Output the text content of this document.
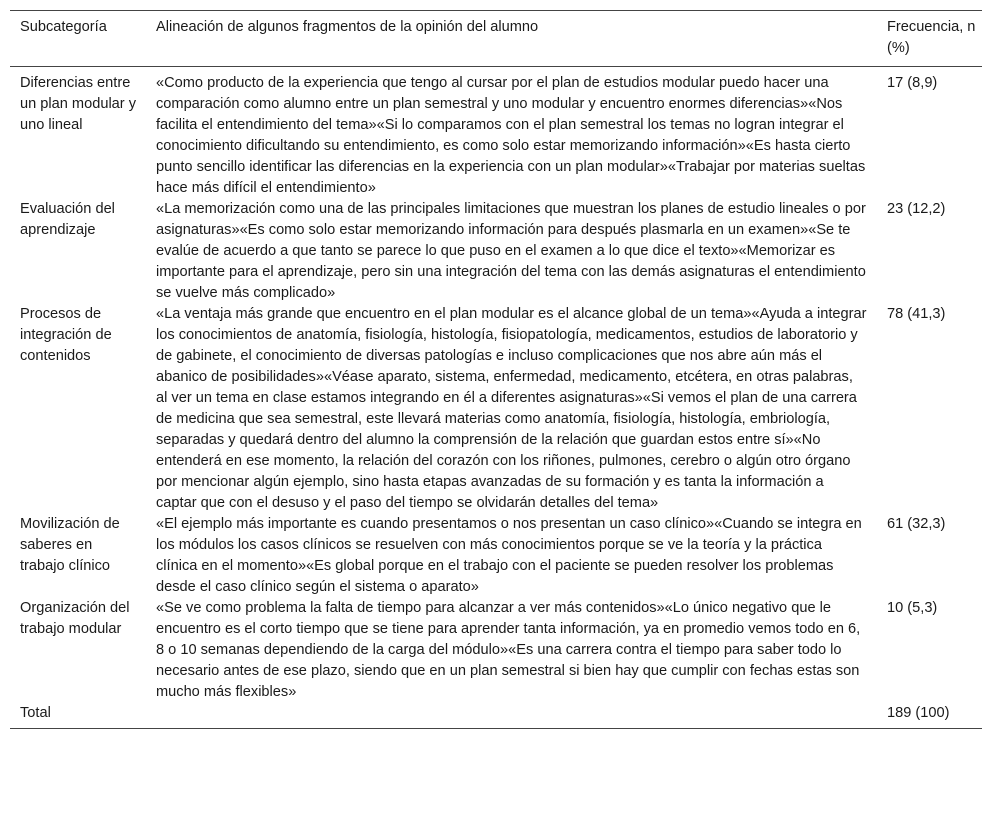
Subcategoría	Alineación de algunos fragmentos de la opinión del alumno	Frecuencia, n (%)
Diferencias entre un plan modular y uno lineal	«Como producto de la experiencia que tengo al cursar por el plan de estudios modular puedo hacer una comparación como alumno entre un plan semestral y uno modular y encuentro enormes diferencias»«Nos facilita el entendimiento del tema»«Si lo comparamos con el plan semestral los temas no logran integrar el conocimiento dificultando su entendimiento, es como solo estar memorizando información»«Es hasta cierto punto sencillo identificar las diferencias en la experiencia con un plan modular»«Trabajar por materias sueltas hace más difícil el entendimiento»	17 (8,9)
Evaluación del aprendizaje	«La memorización como una de las principales limitaciones que muestran los planes de estudio lineales o por asignaturas»«Es como solo estar memorizando información para después plasmarla en un examen»«Se te evalúe de acuerdo a que tanto se parece lo que puso en el examen a lo que dice el texto»«Memorizar es importante para el aprendizaje, pero sin una integración del tema con las demás asignaturas el entendimiento se vuelve más complicado»	23 (12,2)
Procesos de integración de contenidos	«La ventaja más grande que encuentro en el plan modular es el alcance global de un tema»«Ayuda a integrar los conocimientos de anatomía, fisiología, histología, fisiopatología, medicamentos, estudios de laboratorio y de gabinete, el conocimiento de diversas patologías e incluso complicaciones que nos abre aún más el abanico de posibilidades»«Véase aparato, sistema, enfermedad, medicamento, etcétera, en otras palabras, al ver un tema en clase estamos integrando en él a diferentes asignaturas»«Si vemos el plan de una carrera de medicina que sea semestral, este llevará materias como anatomía, fisiología, histología, embriología, separadas y quedará dentro del alumno la comprensión de la relación que guardan estos entre sí»«No entenderá en ese momento, la relación del corazón con los riñones, pulmones, cerebro o algún otro órgano por mencionar algún ejemplo, sino hasta etapas avanzadas de su formación y es tanta la información a captar que con el desuso y el paso del tiempo se olvidarán detalles del tema»	78 (41,3)
Movilización de saberes en trabajo clínico	«El ejemplo más importante es cuando presentamos o nos presentan un caso clínico»«Cuando se integra en los módulos los casos clínicos se resuelven con más conocimientos porque se ve la teoría y la práctica clínica en el momento»«Es global porque en el trabajo con el paciente se pueden resolver los problemas desde el caso clínico según el sistema o aparato»	61 (32,3)
Organización del trabajo modular	«Se ve como problema la falta de tiempo para alcanzar a ver más contenidos»«Lo único negativo que le encuentro es el corto tiempo que se tiene para aprender tanta información, ya en promedio vemos todo en 6, 8 o 10 semanas dependiendo de la carga del módulo»«Es una carrera contra el tiempo para saber todo lo necesario antes de ese plazo, siendo que en un plan semestral si bien hay que cumplir con fechas estas son mucho más flexibles»	10 (5,3)
Total		189 (100)
